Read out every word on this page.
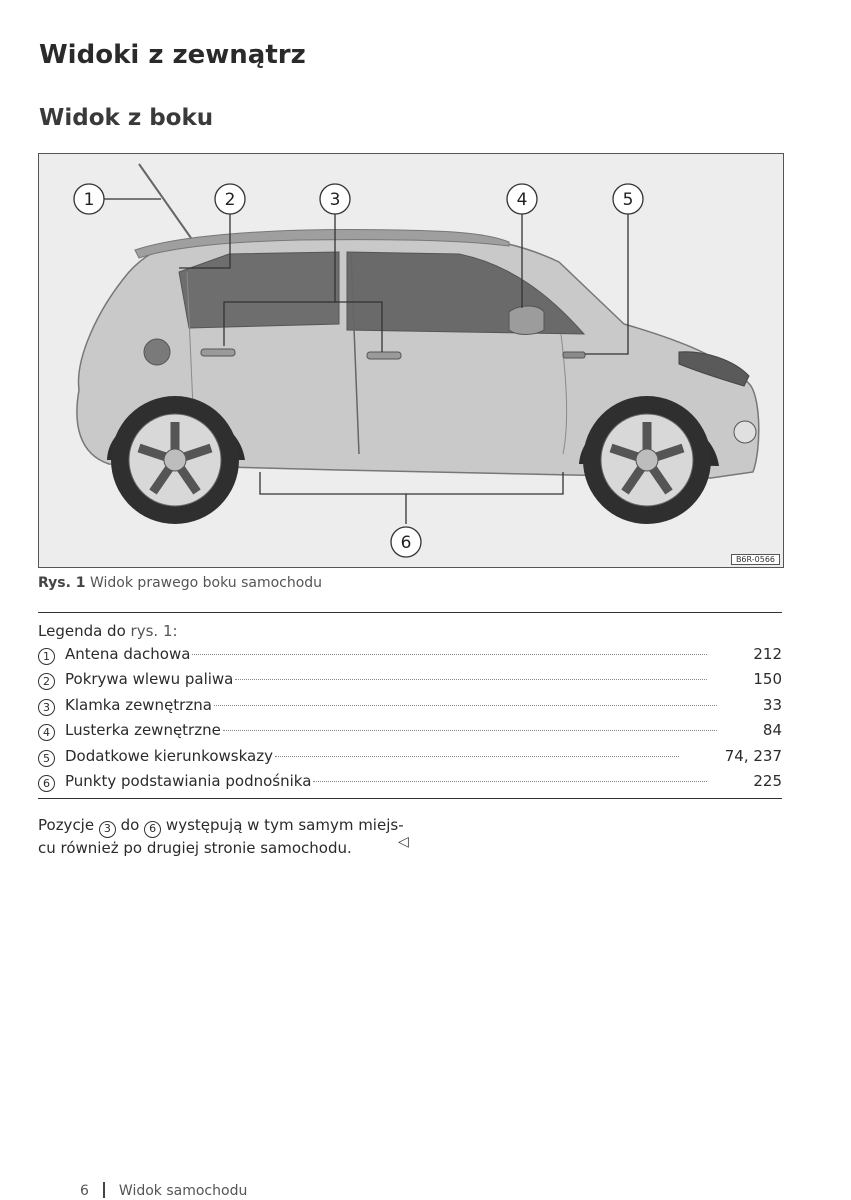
Widoki z zewnątrz
Widok z boku
1	2	3	4	5
6
B6R-0566
Rys. 1 Widok prawego boku samochodu
Legenda do rys. 1:
1	Antena dachowa	212
2	Pokrywa wlewu paliwa	150
3	Klamka zewnętrzna	33
4	Lusterka zewnętrzne	84
5	Dodatkowe kierunkowskazy	74, 237
6	Punkty podstawiania podnośnika	225
Pozycje 3 do 6 występują w tym samym miejs-cu również po drugiej stronie samochodu.	◁
6 Widok samochodu
